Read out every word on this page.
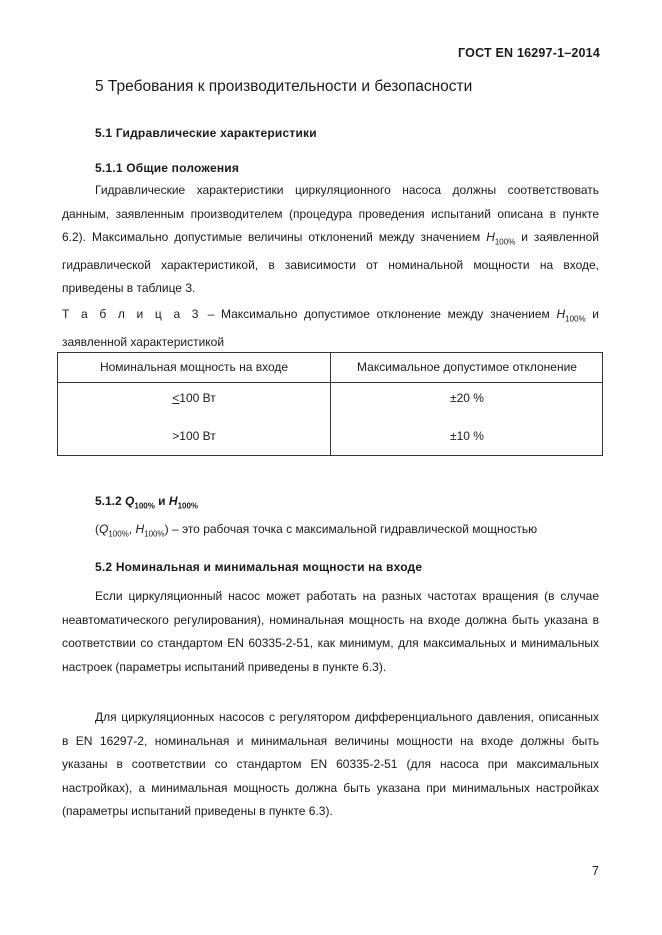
ГОСТ EN 16297-1–2014
5 Требования к производительности и безопасности
5.1 Гидравлические характеристики
5.1.1 Общие положения
Гидравлические характеристики циркуляционного насоса должны соответствовать данным, заявленным производителем (процедура проведения испытаний описана в пункте 6.2). Максимально допустимые величины отклонений между значением $H_{100\%}$ и заявленной гидравлической характеристикой, в зависимости от номинальной мощности на входе, приведены в таблице 3.
Т а б л и ц а 3 – Максимально допустимое отклонение между значением $H_{100\%}$ и заявленной характеристикой
Номинальная мощность на входе	Максимальное допустимое отклонение
<100 Вт	±20 %
>100 Вт	±10 %
5.1.2 $Q_{100\%}$ и $H_{100\%}$
($Q_{100\%}$, $H_{100\%}$) – это рабочая точка с максимальной гидравлической мощностью
5.2 Номинальная и минимальная мощности на входе
Если циркуляционный насос может работать на разных частотах вращения (в случае неавтоматического регулирования), номинальная мощность на входе должна быть указана в соответствии со стандартом EN 60335-2-51, как минимум, для максимальных и минимальных настроек (параметры испытаний приведены в пункте 6.3).
Для циркуляционных насосов с регулятором дифференциального давления, описанных в EN 16297-2, номинальная и минимальная величины мощности на входе должны быть указаны в соответствии со стандартом EN 60335-2-51 (для насоса при максимальных настройках), а минимальная мощность должна быть указана при минимальных настройках (параметры испытаний приведены в пункте 6.3).
7
